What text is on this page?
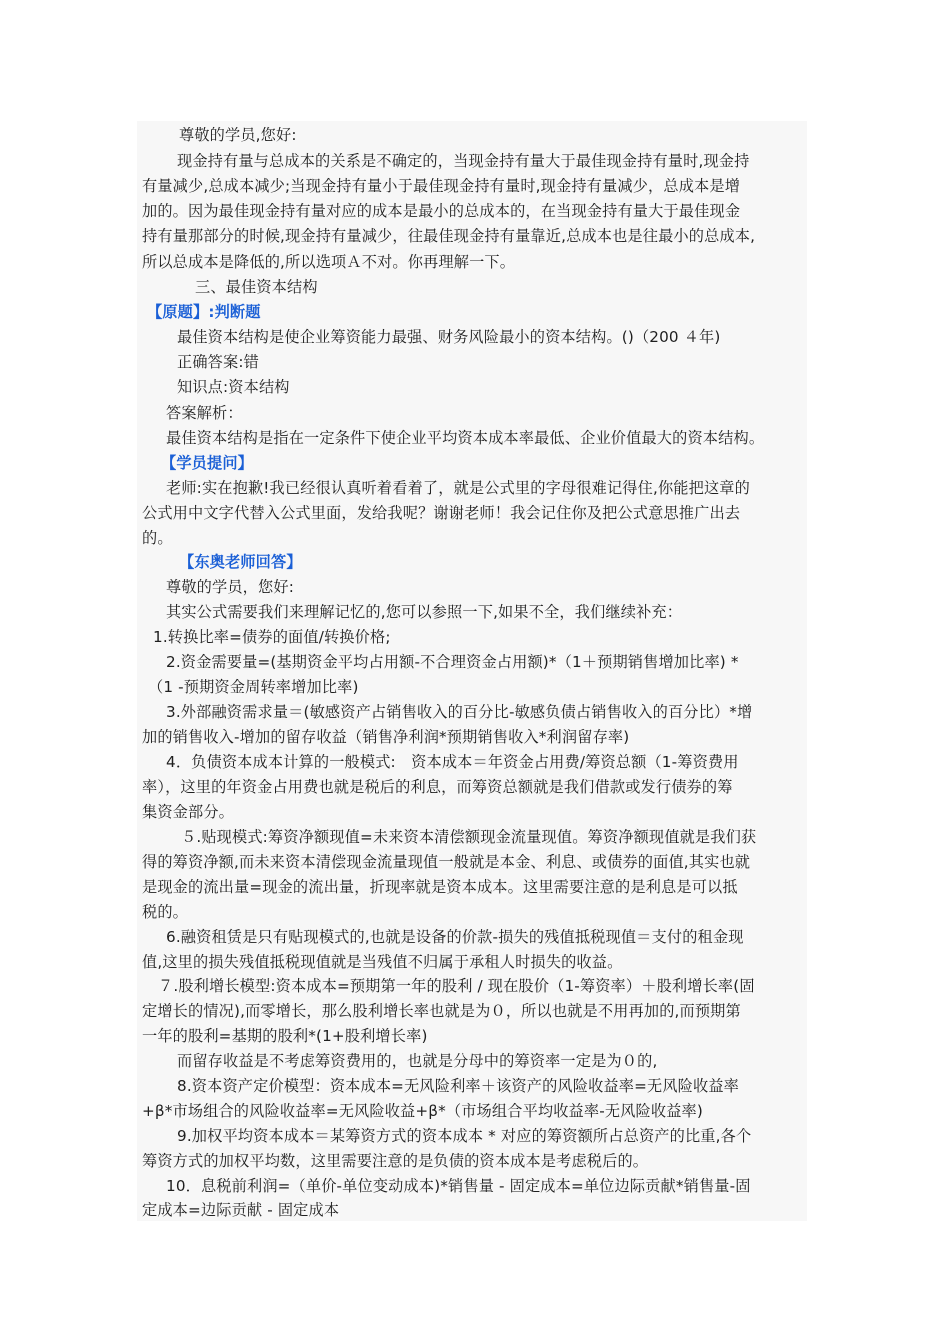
尊敬的学员,您好:
现金持有量与总成本的关系是不确定的，当现金持有量大于最佳现金持有量时,现金持
有量减少,总成本减少;当现金持有量小于最佳现金持有量时,现金持有量减少，总成本是增
加的。因为最佳现金持有量对应的成本是最小的总成本的，在当现金持有量大于最佳现金
持有量那部分的时候,现金持有量减少，往最佳现金持有量靠近,总成本也是往最小的总成本,
所以总成本是降低的,所以选项Ａ不对。你再理解一下。
三、最佳资本结构
【原题】:判断题
最佳资本结构是使企业筹资能力最强、财务风险最小的资本结构。()（200 ４年)
正确答案:错
知识点:资本结构
答案解析：
最佳资本结构是指在一定条件下使企业平均资本成本率最低、企业价值最大的资本结构。
【学员提问】
老师:实在抱歉!我已经很认真听着看着了，就是公式里的字母很难记得住,你能把这章的
公式用中文字代替入公式里面，发给我呢？谢谢老师！我会记住你及把公式意思推广出去
的。
【东奥老师回答】
尊敬的学员，您好:
其实公式需要我们来理解记忆的,您可以参照一下,如果不全，我们继续补充：
1.转换比率=债券的面值/转换价格;
2.资金需要量=(基期资金平均占用额-不合理资金占用额)*（1＋预期销售增加比率) *
（1 -预期资金周转率增加比率)
3.外部融资需求量＝(敏感资产占销售收入的百分比-敏感负债占销售收入的百分比）*增
加的销售收入-增加的留存收益（销售净利润*预期销售收入*利润留存率)
4．负债资本成本计算的一般模式:　资本成本＝年资金占用费/筹资总额（1-筹资费用
率），这里的年资金占用费也就是税后的利息，而筹资总额就是我们借款或发行债券的筹
集资金部分。
５.贴现模式:筹资净额现值=未来资本清偿额现金流量现值。筹资净额现值就是我们获
得的筹资净额,而未来资本清偿现金流量现值一般就是本金、利息、或债券的面值,其实也就
是现金的流出量=现金的流出量，折现率就是资本成本。这里需要注意的是利息是可以抵
税的。
6.融资租赁是只有贴现模式的,也就是设备的价款-损失的残值抵税现值＝支付的租金现
值,这里的损失残值抵税现值就是当残值不归属于承租人时损失的收益。
７.股利增长模型:资本成本=预期第一年的股利 / 现在股价（1-筹资率）＋股利增长率(固
定增长的情况),而零增长，那么股利增长率也就是为０，所以也就是不用再加的,而预期第
一年的股利=基期的股利*(1+股利增长率)
而留存收益是不考虑筹资费用的，也就是分母中的筹资率一定是为０的,
8.资本资产定价模型：资本成本=无风险利率＋该资产的风险收益率=无风险收益率
+β*市场组合的风险收益率=无风险收益+β*（市场组合平均收益率-无风险收益率)
9.加权平均资本成本＝某筹资方式的资本成本 * 对应的筹资额所占总资产的比重,各个
筹资方式的加权平均数，这里需要注意的是负债的资本成本是考虑税后的。
10．息税前利润=（单价-单位变动成本)*销售量 - 固定成本=单位边际贡献*销售量-固
定成本=边际贡献 - 固定成本
